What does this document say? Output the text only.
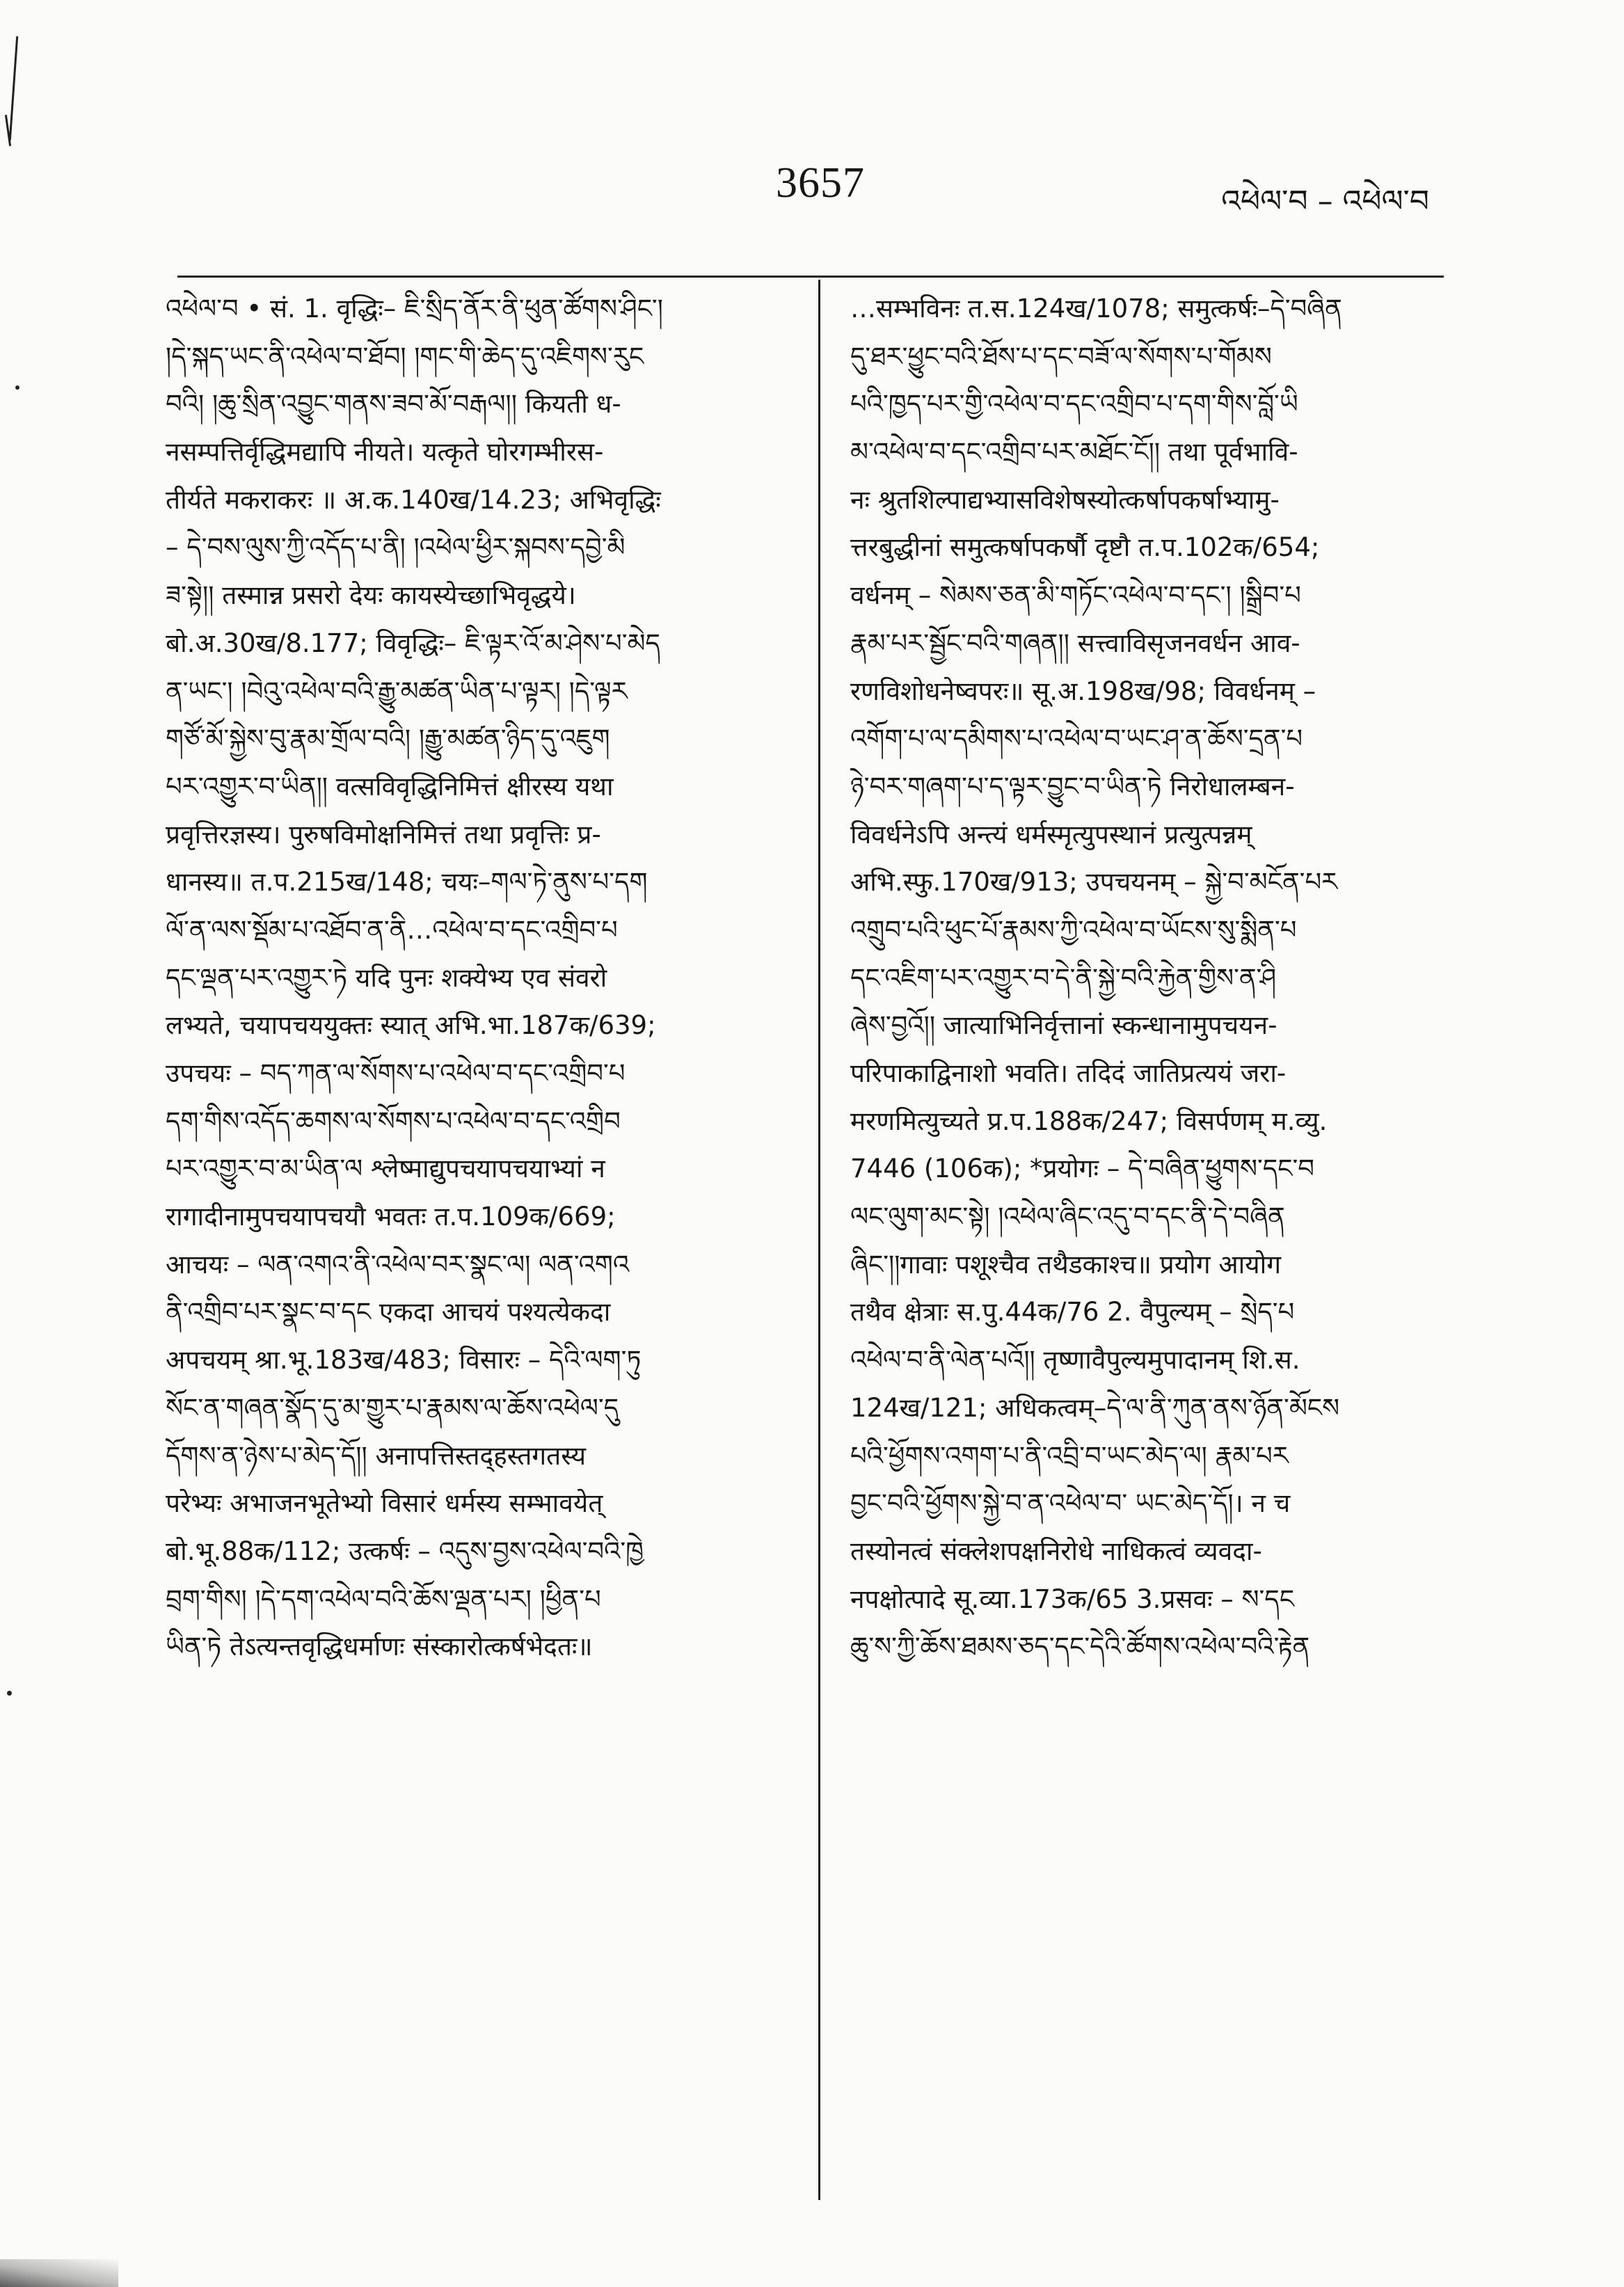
3657	འཕེལ་བ – འཕེལ་བ
འཕེལ་བ • सं. 1. वृद्धिः– ཇི་སྲིད་ནོར་ནི་ཕུན་ཚོགས་ཤིང་།
།དེ་སྐད་ཡང་ནི་འཕེལ་བ་ཐོབ། །གང་གི་ཆེད་དུ་འཇིགས་རུང
བའི། །ཆུ་སྲིན་འབྱུང་གནས་ཟབ་མོ་བརྒལ།། कियती ध-
नसम्पत्तिर्वृद्धिमद्यापि नीयते। यत्कृते घोरगम्भीरस-
तीर्यते मकराकरः ॥ अ.क.140ख/14.23; अभिवृद्धिः
– དེ་བས་ལུས་ཀྱི་འདོད་པ་ནི། །འཕེལ་ཕྱིར་སྐབས་དབྱེ་མི
ཟ་སྟེ།། तस्मान्न प्रसरो देयः कायस्येच्छाभिवृद्धये।
बो.अ.30ख/8.177; विवृद्धिः– ཇི་ལྟར་འོ་མ་ཤེས་པ་མེད
ན་ཡང་། །བེའུ་འཕེལ་བའི་རྒྱུ་མཚན་ཡིན་པ་ལྟར། །དེ་ལྟར
གཙོ་མོ་སྐྱེས་བུ་རྣམ་གྲོལ་བའི། །རྒྱུ་མཚན་ཉིད་དུ་འཇུག
པར་འགྱུར་བ་ཡིན།། वत्सविवृद्धिनिमित्तं क्षीरस्य यथा
प्रवृत्तिरज्ञस्य। पुरुषविमोक्षनिमित्तं तथा प्रवृत्तिः प्र-
धानस्य॥ त.प.215ख/148; चयः–གལ་ཏེ་ནུས་པ་དག
ལོ་ན་ལས་སྡོམ་པ་འཐོབ་ན་ནི…འཕེལ་བ་དང་འགྲིབ་པ
དང་ལྡན་པར་འགྱུར་ཏེ यदि पुनः शक्येभ्य एव संवरो
लभ्यते, चयापचययुक्तः स्यात् अभि.भा.187क/639;
उपचयः – བད་ཀན་ལ་སོགས་པ་འཕེལ་བ་དང་འགྲིབ་པ
དག་གིས་འདོད་ཆགས་ལ་སོགས་པ་འཕེལ་བ་དང་འགྲིབ
པར་འགྱུར་བ་མ་ཡིན་ལ श्लेष्माद्युपचयापचयाभ्यां न
रागादीनामुपचयापचयौ भवतः त.प.109क/669;
आचयः – ལན་འགའ་ནི་འཕེལ་བར་སྣང་ལ། ལན་འགའ
ནི་འགྲིབ་པར་སྣང་བ་དང एकदा आचयं पश्यत्येकदा
अपचयम् श्रा.भू.183ख/483; विसारः – དེའི་ལག་ཏུ
སོང་ན་གཞན་སྣོད་དུ་མ་གྱུར་པ་རྣམས་ལ་ཆོས་འཕེལ་དུ
དོགས་ན་ཉེས་པ་མེད་དོ།། अनापत्तिस्तद्हस्तगतस्य
परेभ्यः अभाजनभूतेभ्यो विसारं धर्मस्य सम्भावयेत्
बो.भू.88क/112; उत्कर्षः – འདུས་བྱས་འཕེལ་བའི་ཁྱེ
བྲག་གིས། །དེ་དག་འཕེལ་བའི་ཆོས་ལྡན་པར། །ཕྱིན་པ
ཡིན་ཏེ तेऽत्यन्तवृद्धिधर्माणः संस्कारोत्कर्षभेदतः॥
…सम्भविनः त.स.124ख/1078; समुत्कर्षः–དེ་བཞིན
དུ་ཐར་ཕྱུང་བའི་ཐོས་པ་དང་བཟོ་ལ་སོགས་པ་གོམས
པའི་ཁྱད་པར་གྱི་འཕེལ་བ་དང་འགྲིབ་པ་དག་གིས་བློ་ཡི
མ་འཕེལ་བ་དང་འགྲིབ་པར་མཐོང་ངོ།། तथा पूर्वभावि-
नः श्रुतशिल्पाद्यभ्यासविशेषस्योत्कर्षापकर्षाभ्यामु-
त्तरबुद्धीनां समुत्कर्षापकर्षौ दृष्टौ त.प.102क/654;
वर्धनम् – སེམས་ཅན་མི་གཏོང་འཕེལ་བ་དང་། །སྒྲིབ་པ
རྣམ་པར་སྦྱོང་བའི་གཞན།། सत्त्वाविसृजनवर्धन आव-
रणविशोधनेष्वपरः॥ सू.अ.198ख/98; विवर्धनम् –
འགོག་པ་ལ་དམིགས་པ་འཕེལ་བ་ཡང་ཤ་ན་ཆོས་དྲན་པ
ཉེ་བར་གཞག་པ་ད་ལྟར་བྱུང་བ་ཡིན་ཏེ निरोधालम्बन-
विवर्धनेऽपि अन्त्यं धर्मस्मृत्युपस्थानं प्रत्युत्पन्नम्
अभि.स्फु.170ख/913; उपचयनम् – སྐྱེ་བ་མངོན་པར
འགྲུབ་པའི་ཕུང་པོ་རྣམས་ཀྱི་འཕེལ་བ་ཡོངས་སུ་སྨིན་པ
དང་འཇིག་པར་འགྱུར་བ་དེ་ནི་སྐྱེ་བའི་རྐྱེན་གྱིས་ན་ཤི
ཞེས་བྱའོ།། जात्याभिनिर्वृत्तानां स्कन्धानामुपचयन-
परिपाकाद्विनाशो भवति। तदिदं जातिप्रत्ययं जरा-
मरणमित्युच्यते प्र.प.188क/247; विसर्पणम् म.व्यु.
7446 (106क); *प्रयोगः – དེ་བཞིན་ཕྱུགས་དང་བ
ལང་ལུག་མང་སྟེ། །འཕེལ་ཞིང་འདུ་བ་དང་ནི་དེ་བཞིན
ཞིང་།།गावाः पशूश्चैव तथैडकाश्च॥ प्रयोग आयोग
तथैव क्षेत्राः स.पु.44क/76 2. वैपुल्यम् – སྲེད་པ
འཕེལ་བ་ནི་ལེན་པའོ།། तृष्णावैपुल्यमुपादानम् शि.स.
124ख/121; अधिकत्वम्–དེ་ལ་ནི་ཀུན་ནས་ཉོན་མོངས
པའི་ཕྱོགས་འགག་པ་ནི་འབྲི་བ་ཡང་མེད་ལ། རྣམ་པར
བྱང་བའི་ཕྱོགས་སྐྱེ་བ་ན་འཕེལ་བ་ ཡང་མེད་དོ།। न च
तस्योनत्वं संक्लेशपक्षनिरोधे नाधिकत्वं व्यवदा-
नपक्षोत्पादे सू.व्या.173क/65 3.प्रसवः – ས་དང
ཆུ་ས་ཀྱི་ཆོས་ཐམས་ཅད་དང་དེའི་ཚོགས་འཕེལ་བའི་རྟེན
